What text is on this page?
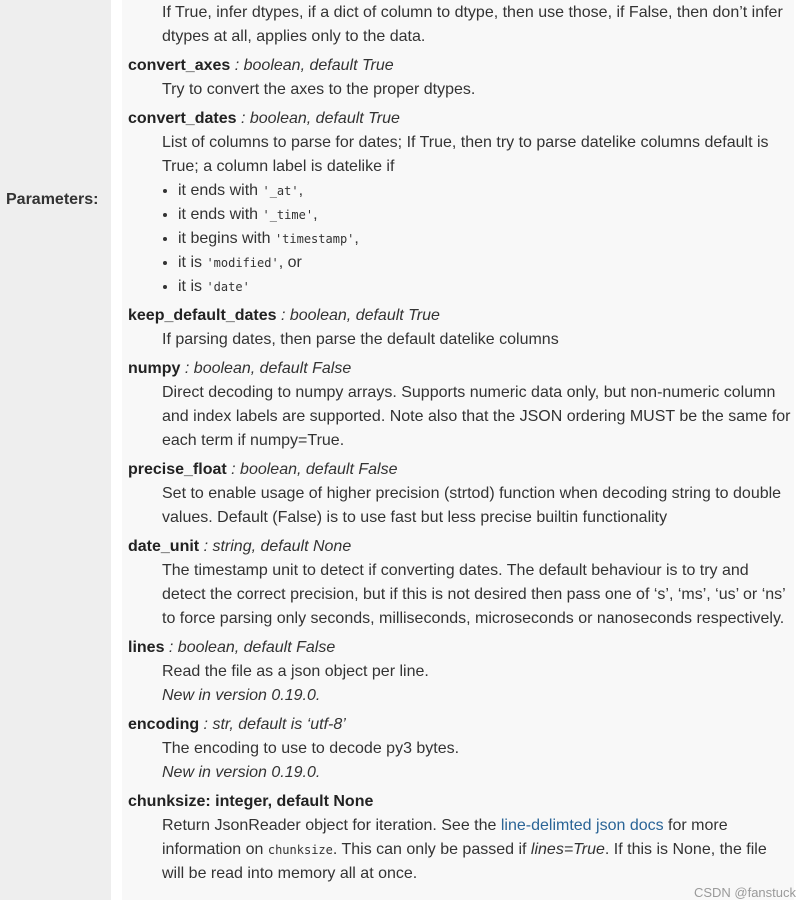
Parameters:

If True, infer dtypes, if a dict of column to dtype, then use those, if False, then don’t infer dtypes at all, applies only to the data.

convert_axes : boolean, default True

Try to convert the axes to the proper dtypes.

convert_dates : boolean, default True

List of columns to parse for dates; If True, then try to parse datelike columns default is True; a column label is datelike if

• it ends with '_at',
• it ends with '_time',
• it begins with 'timestamp',
• it is 'modified', or
• it is 'date'
keep_default_dates : boolean, default True

If parsing dates, then parse the default datelike columns

numpy : boolean, default False

Direct decoding to numpy arrays. Supports numeric data only, but non-numeric column and index labels are supported. Note also that the JSON ordering MUST be the same for each term if numpy=True.

precise_float : boolean, default False

Set to enable usage of higher precision (strtod) function when decoding string to double values. Default (False) is to use fast but less precise builtin functionality

date_unit : string, default None

The timestamp unit to detect if converting dates. The default behaviour is to try and detect the correct precision, but if this is not desired then pass one of ‘s’, ‘ms’, ‘us’ or ‘ns’ to force parsing only seconds, milliseconds, microseconds or nanoseconds respectively.

lines : boolean, default False

Read the file as a json object per line.

New in version 0.19.0.

encoding : str, default is ‘utf-8’

The encoding to use to decode py3 bytes.

New in version 0.19.0.

chunksize: integer, default None

Return JsonReader object for iteration. See the line-delimted json docs for more information on chunksize. This can only be passed if lines=True. If this is None, the file will be read into memory all at once.

CSDN @fanstuck
